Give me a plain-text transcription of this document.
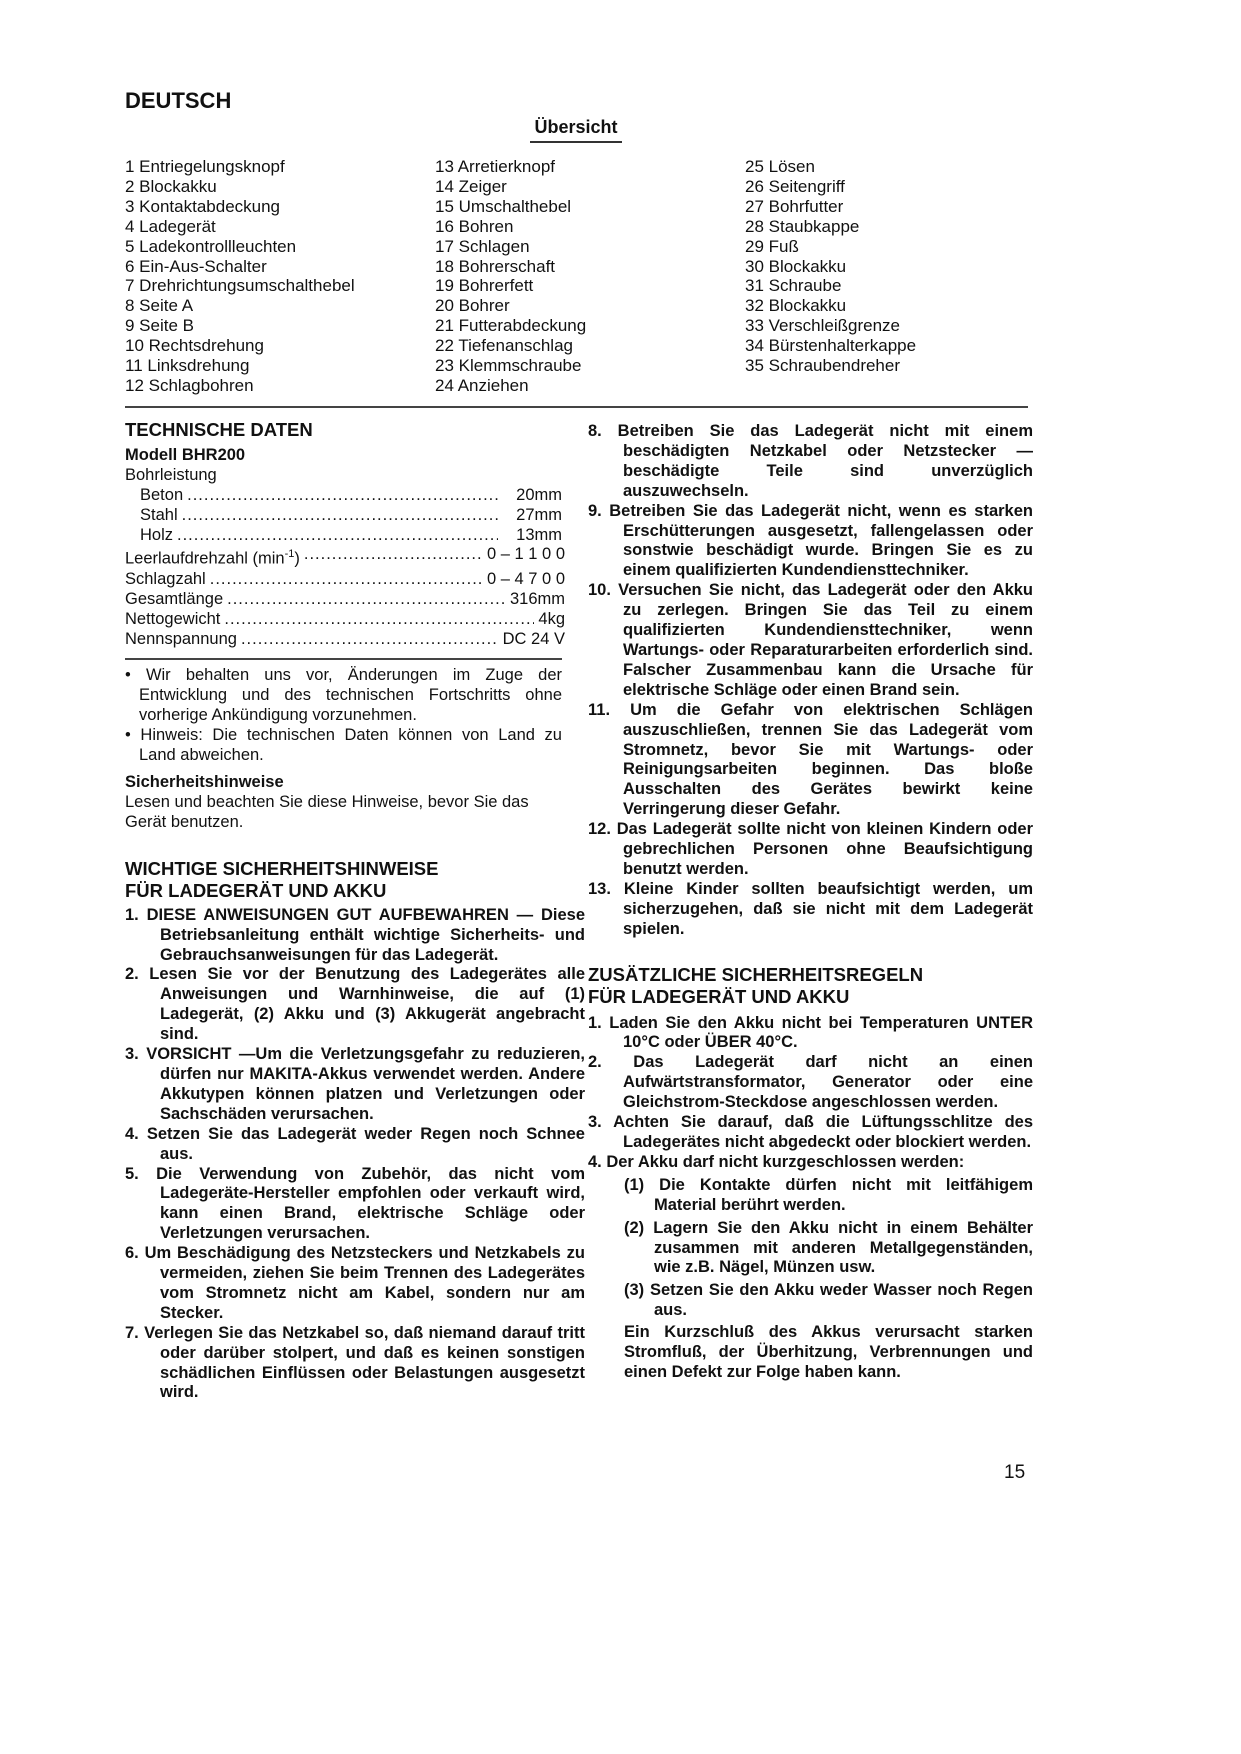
DEUTSCH
Übersicht
1 Entriegelungsknopf
2 Blockakku
3 Kontaktabdeckung
4 Ladegerät
5 Ladekontrollleuchten
6 Ein-Aus-Schalter
7 Drehrichtungsumschalthebel
8 Seite A
9 Seite B
10 Rechtsdrehung
11 Linksdrehung
12 Schlagbohren
13 Arretierknopf
14 Zeiger
15 Umschalthebel
16 Bohren
17 Schlagen
18 Bohrerschaft
19 Bohrerfett
20 Bohrer
21 Futterabdeckung
22 Tiefenanschlag
23 Klemmschraube
24 Anziehen
25 Lösen
26 Seitengriff
27 Bohrfutter
28 Staubkappe
29 Fuß
30 Blockakku
31 Schraube
32 Blockakku
33 Verschleißgrenze
34 Bürstenhalterkappe
35 Schraubendreher
TECHNISCHE DATEN
Modell BHR200
Bohrleistung
Beton .....	20mm
Stahl .....	27mm
Holz .....	13mm
Leerlaufdrehzahl $(\min^{-1})$ .....	0 – 1 1 0 0
Schlagzahl .....	0 – 4 7 0 0
Gesamtlänge .....	316mm
Nettogewicht .....	4kg
Nennspannung .....	DC 24 V

• Wir behalten uns vor, Änderungen im Zuge der Entwicklung und des technischen Fortschritts ohne vorherige Ankündigung vorzunehmen.

• Hinweis: Die technischen Daten können von Land zu Land abweichen.

Sicherheitshinweise

Lesen und beachten Sie diese Hinweise, bevor Sie das Gerät benutzen.

WICHTIGE SICHERHEITSHINWEISE
FÜR LADEGERÄT UND AKKU

1. DIESE ANWEISUNGEN GUT AUFBEWAHREN — Diese Betriebsanleitung enthält wichtige Sicherheits- und Gebrauchsanweisungen für das Ladegerät.

2. Lesen Sie vor der Benutzung des Ladegerätes alle Anweisungen und Warnhinweise, die auf (1) Ladegerät, (2) Akku und (3) Akkugerät angebracht sind.

3. VORSICHT —Um die Verletzungsgefahr zu reduzieren, dürfen nur MAKITA-Akkus verwendet werden. Andere Akkutypen können platzen und Verletzungen oder Sachschäden verursachen.

4. Setzen Sie das Ladegerät weder Regen noch Schnee aus.

5. Die Verwendung von Zubehör, das nicht vom Ladegeräte-Hersteller empfohlen oder verkauft wird, kann einen Brand, elektrische Schläge oder Verletzungen verursachen.

6. Um Beschädigung des Netzsteckers und Netzkabels zu vermeiden, ziehen Sie beim Trennen des Ladegerätes vom Stromnetz nicht am Kabel, sondern nur am Stecker.

7. Verlegen Sie das Netzkabel so, daß niemand darauf tritt oder darüber stolpert, und daß es keinen sonstigen schädlichen Einflüssen oder Belastungen ausgesetzt wird.

8. Betreiben Sie das Ladegerät nicht mit einem beschädigten Netzkabel oder Netzstecker — beschädigte Teile sind unverzüglich auszuwechseln.

9. Betreiben Sie das Ladegerät nicht, wenn es starken Erschütterungen ausgesetzt, fallengelassen oder sonstwie beschädigt wurde. Bringen Sie es zu einem qualifizierten Kundendiensttechniker.

10. Versuchen Sie nicht, das Ladegerät oder den Akku zu zerlegen. Bringen Sie das Teil zu einem qualifizierten Kundendiensttechniker, wenn Wartungs- oder Reparaturarbeiten erforderlich sind. Falscher Zusammenbau kann die Ursache für elektrische Schläge oder einen Brand sein.

11. Um die Gefahr von elektrischen Schlägen auszuschließen, trennen Sie das Ladegerät vom Stromnetz, bevor Sie mit Wartungs- oder Reinigungsarbeiten beginnen. Das bloße Ausschalten des Gerätes bewirkt keine Verringerung dieser Gefahr.

12. Das Ladegerät sollte nicht von kleinen Kindern oder gebrechlichen Personen ohne Beaufsichtigung benutzt werden.

13. Kleine Kinder sollten beaufsichtigt werden, um sicherzugehen, daß sie nicht mit dem Ladegerät spielen.

ZUSÄTZLICHE SICHERHEITSREGELN
FÜR LADEGERÄT UND AKKU

1. Laden Sie den Akku nicht bei Temperaturen UNTER 10°C oder ÜBER 40°C.

2. Das Ladegerät darf nicht an einen Aufwärtstransformator, Generator oder eine Gleichstrom-Steckdose angeschlossen werden.

3. Achten Sie darauf, daß die Lüftungsschlitze des Ladegerätes nicht abgedeckt oder blockiert werden.

4. Der Akku darf nicht kurzgeschlossen werden:

(1) Die Kontakte dürfen nicht mit leitfähigem Material berührt werden.

(2) Lagern Sie den Akku nicht in einem Behälter zusammen mit anderen Metallgegenständen, wie z.B. Nägel, Münzen usw.

(3) Setzen Sie den Akku weder Wasser noch Regen aus.

Ein Kurzschluß des Akkus verursacht starken Stromfluß, der Überhitzung, Verbrennungen und einen Defekt zur Folge haben kann.

15
